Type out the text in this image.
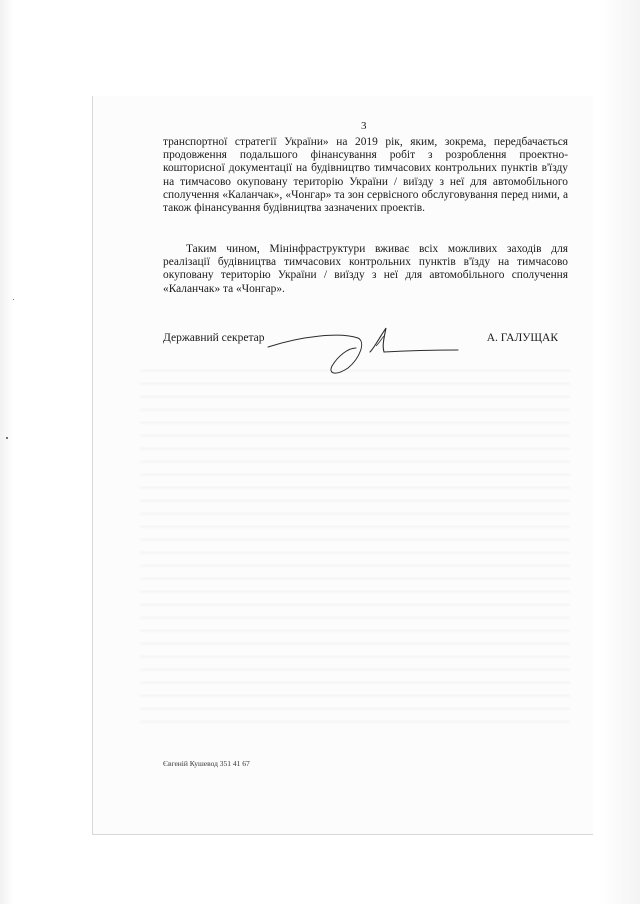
3

транспортної стратегії України» на 2019 рік, яким, зокрема, передбачається продовження подальшого фінансування робіт з розроблення проектно-кошторисної документації на будівництво тимчасових контрольних пунктів в'їзду на тимчасово окуповану територію України / виїзду з неї для автомобільного сполучення «Каланчак», «Чонгар» та зон сервісного обслуговування перед ними, а також фінансування будівництва зазначених проектів.

Таким чином, Мінінфраструктури вживає всіх можливих заходів для реалізації будівництва тимчасових контрольних пунктів в'їзду на тимчасово окуповану територію України / виїзду з неї для автомобільного сполучення «Каланчак» та «Чонгар».

Державний секретар	А. ГАЛУЩАК
Євгеній Кушевод 351 41 67
